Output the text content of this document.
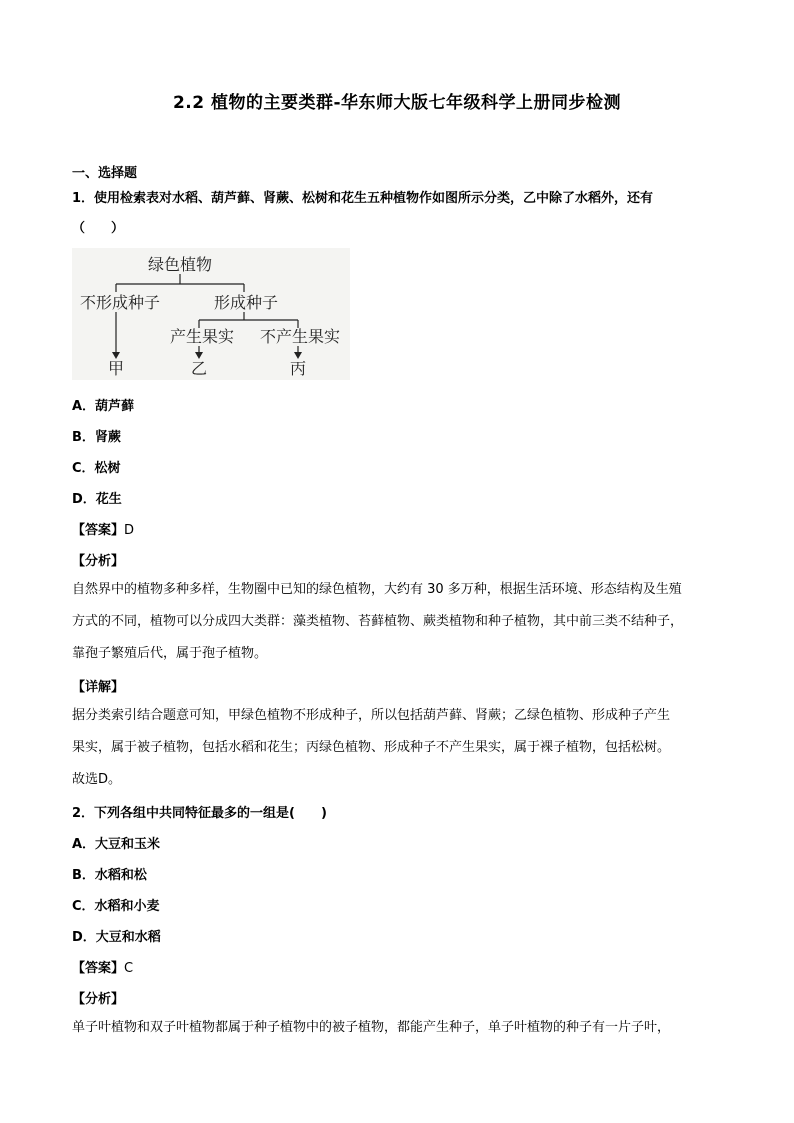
2.2 植物的主要类群-华东师大版七年级科学上册同步检测
一、选择题
1．使用检索表对水稻、葫芦藓、肾蕨、松树和花生五种植物作如图所示分类，乙中除了水稻外，还有
（　　）
绿色植物
不形成种子	形成种子
产生果实 不产生果实
甲	乙	丙
A．葫芦藓
B．肾蕨
C．松树
D．花生
【答案】D
【分析】
自然界中的植物多种多样，生物圈中已知的绿色植物，大约有 30 多万种，根据生活环境、形态结构及生殖
方式的不同，植物可以分成四大类群：藻类植物、苔藓植物、蕨类植物和种子植物，其中前三类不结种子，
靠孢子繁殖后代，属于孢子植物。
【详解】
据分类索引结合题意可知，甲绿色植物不形成种子，所以包括葫芦藓、肾蕨；乙绿色植物、形成种子产生
果实，属于被子植物，包括水稻和花生；丙绿色植物、形成种子不产生果实，属于裸子植物，包括松树。
故选D。
2．下列各组中共同特征最多的一组是(　　)
A．大豆和玉米
B．水稻和松
C．水稻和小麦
D．大豆和水稻
【答案】C
【分析】
单子叶植物和双子叶植物都属于种子植物中的被子植物，都能产生种子，单子叶植物的种子有一片子叶，
